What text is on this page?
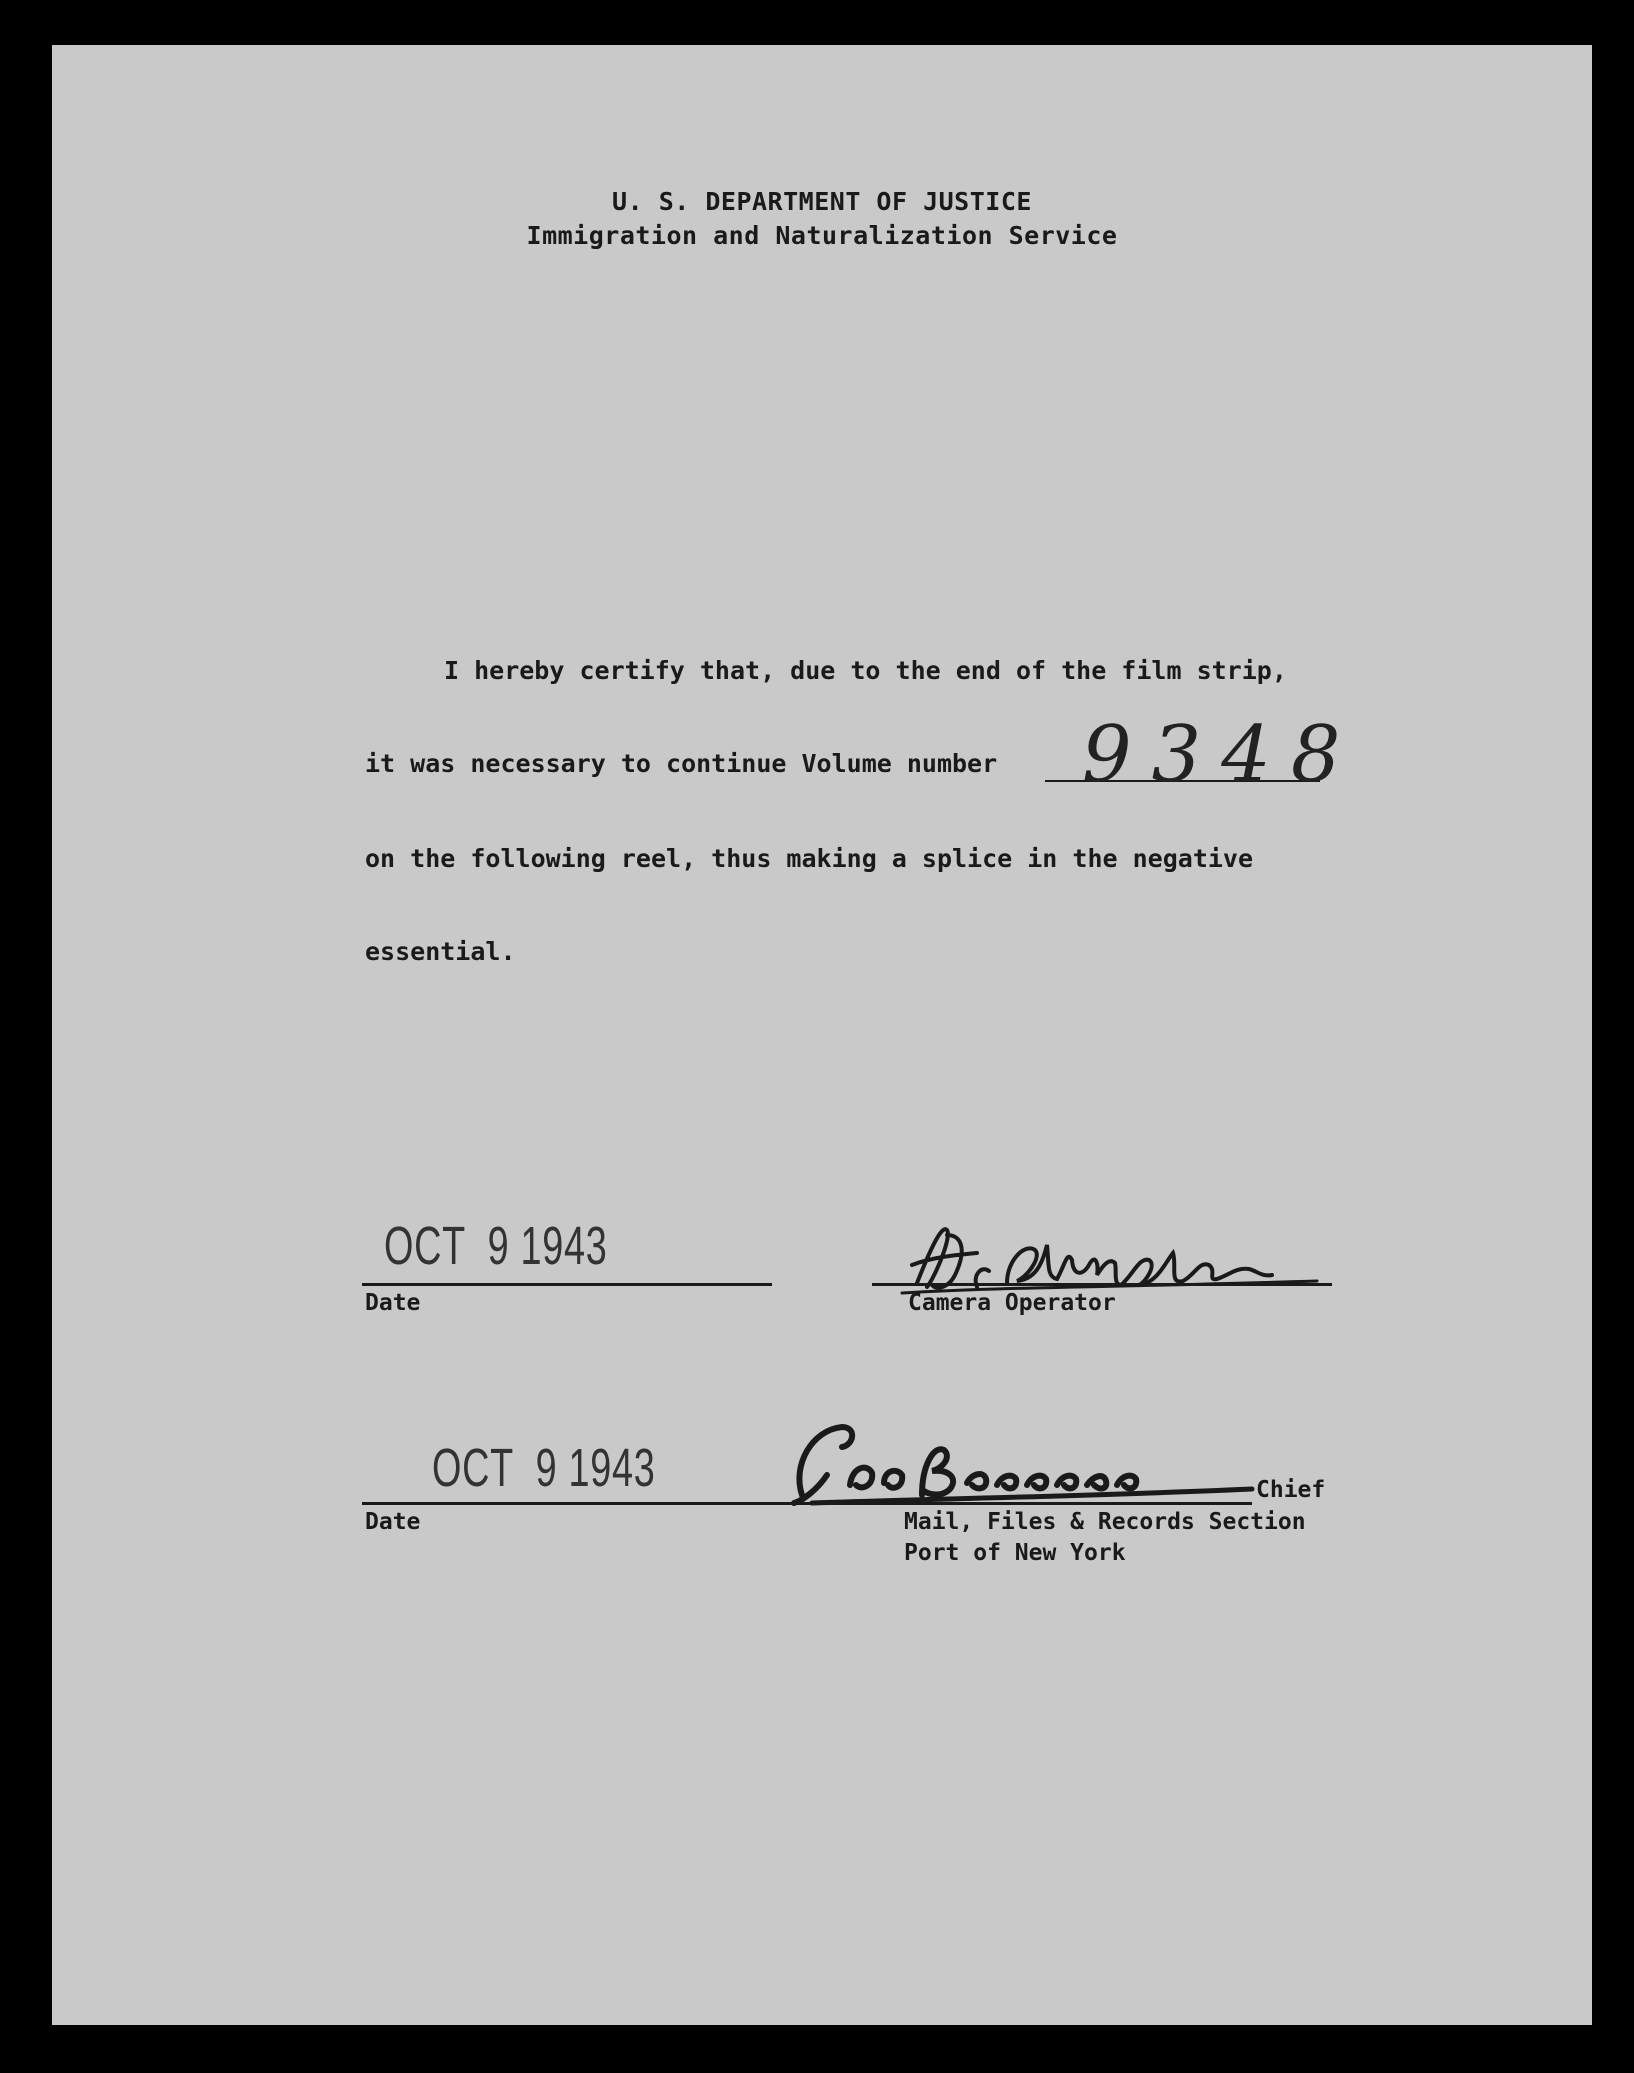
U. S. DEPARTMENT OF JUSTICE
Immigration and Naturalization Service
I hereby certify that, due to the end of the film strip,
it was necessary to continue Volume number 9348
on the following reel, thus making a splice in the negative
essential.
OCT  9 1943
Date	Camera Operator
OCT  9 1943
Date
Chief
Mail, Files & Records Section
Port of New York
